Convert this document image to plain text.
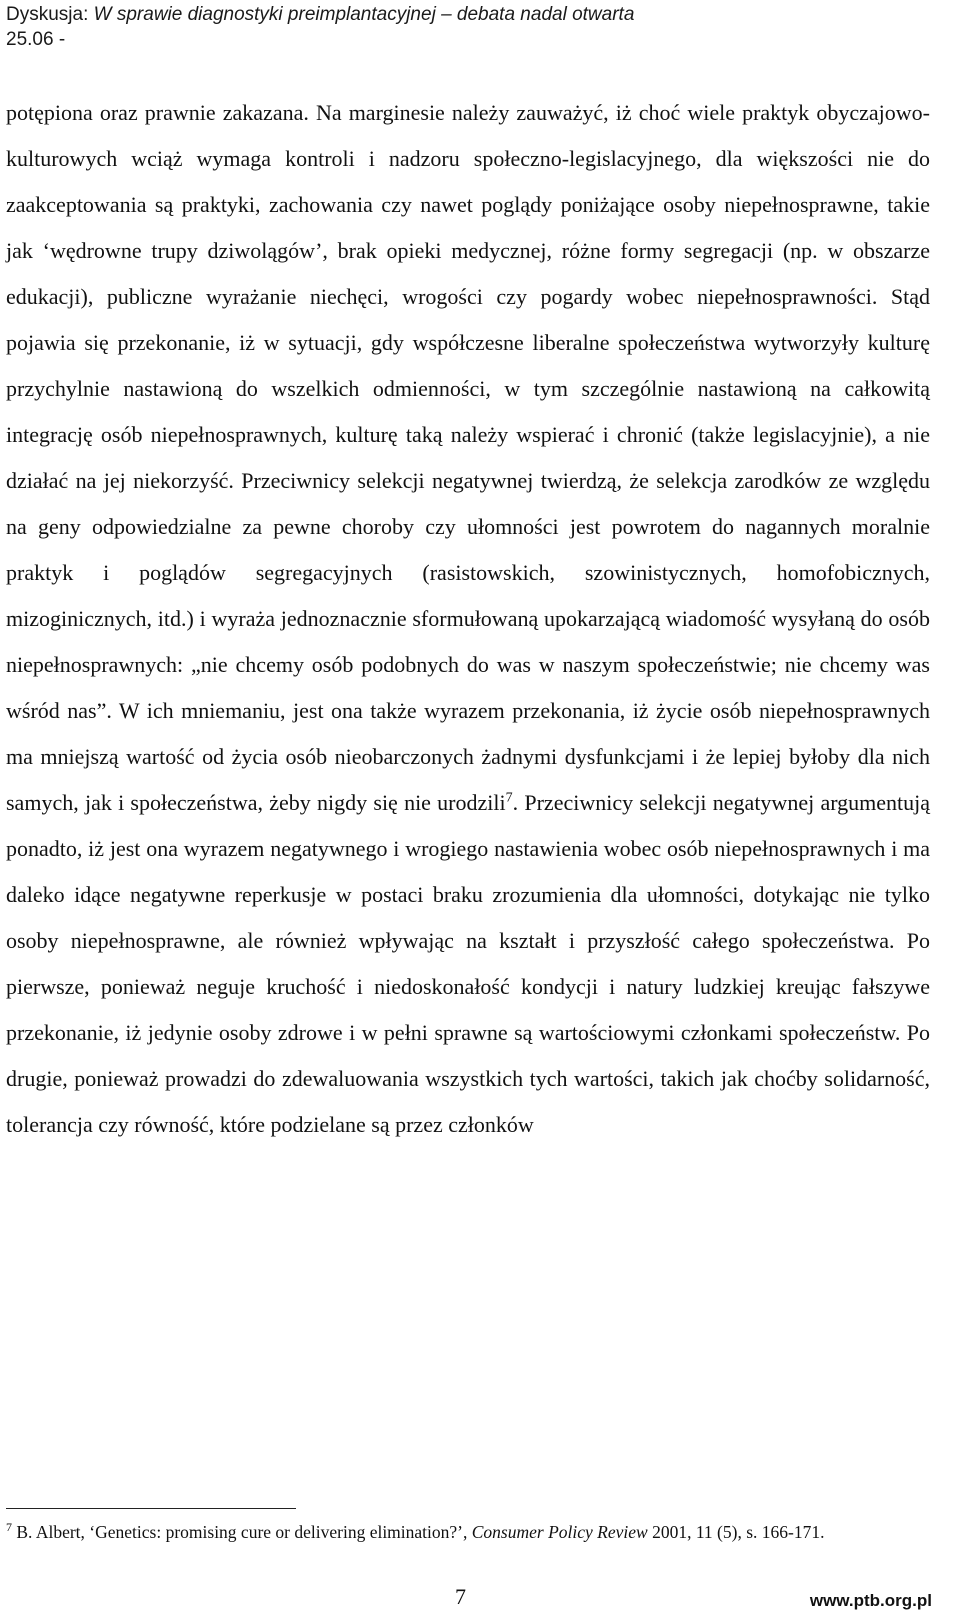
Dyskusja: W sprawie diagnostyki preimplantacyjnej – debata nadal otwarta
25.06 -
potępiona oraz prawnie zakazana. Na marginesie należy zauważyć, iż choć wiele praktyk obyczajowo-kulturowych wciąż wymaga kontroli i nadzoru społeczno-legislacyjnego, dla większości nie do zaakceptowania są praktyki, zachowania czy nawet poglądy poniżające osoby niepełnosprawne, takie jak ‘wędrowne trupy dziwolągów’, brak opieki medycznej, różne formy segregacji (np. w obszarze edukacji), publiczne wyrażanie niechęci, wrogości czy pogardy wobec niepełnosprawności. Stąd pojawia się przekonanie, iż w sytuacji, gdy współczesne liberalne społeczeństwa wytworzyły kulturę przychylnie nastawioną do wszelkich odmienności, w tym szczególnie nastawioną na całkowitą integrację osób niepełnosprawnych, kulturę taką należy wspierać i chronić (także legislacyjnie), a nie działać na jej niekorzyść. Przeciwnicy selekcji negatywnej twierdzą, że selekcja zarodków ze względu na geny odpowiedzialne za pewne choroby czy ułomności jest powrotem do nagannych moralnie praktyk i poglądów segregacyjnych (rasistowskich, szowinistycznych, homofobicznych, mizoginicznych, itd.) i wyraża jednoznacznie sformułowaną upokarzającą wiadomość wysyłaną do osób niepełnosprawnych: „nie chcemy osób podobnych do was w naszym społeczeństwie; nie chcemy was wśród nas”. W ich mniemaniu, jest ona także wyrazem przekonania, iż życie osób niepełnosprawnych ma mniejszą wartość od życia osób nieobarczonych żadnymi dysfunkcjami i że lepiej byłoby dla nich samych, jak i społeczeństwa, żeby nigdy się nie urodzili$^7$. Przeciwnicy selekcji negatywnej argumentują ponadto, iż jest ona wyrazem negatywnego i wrogiego nastawienia wobec osób niepełnosprawnych i ma daleko idące negatywne reperkusje w postaci braku zrozumienia dla ułomności, dotykając nie tylko osoby niepełnosprawne, ale również wpływając na kształt i przyszłość całego społeczeństwa. Po pierwsze, ponieważ neguje kruchość i niedoskonałość kondycji i natury ludzkiej kreując fałszywe przekonanie, iż jedynie osoby zdrowe i w pełni sprawne są wartościowymi członkami społeczeństw. Po drugie, ponieważ prowadzi do zdewaluowania wszystkich tych wartości, takich jak choćby solidarność, tolerancja czy równość, które podzielane są przez członków
$^7$ B. Albert, ‘Genetics: promising cure or delivering elimination?’, Consumer Policy Review 2001, 11 (5), s. 166-171.
7	www.ptb.org.pl
